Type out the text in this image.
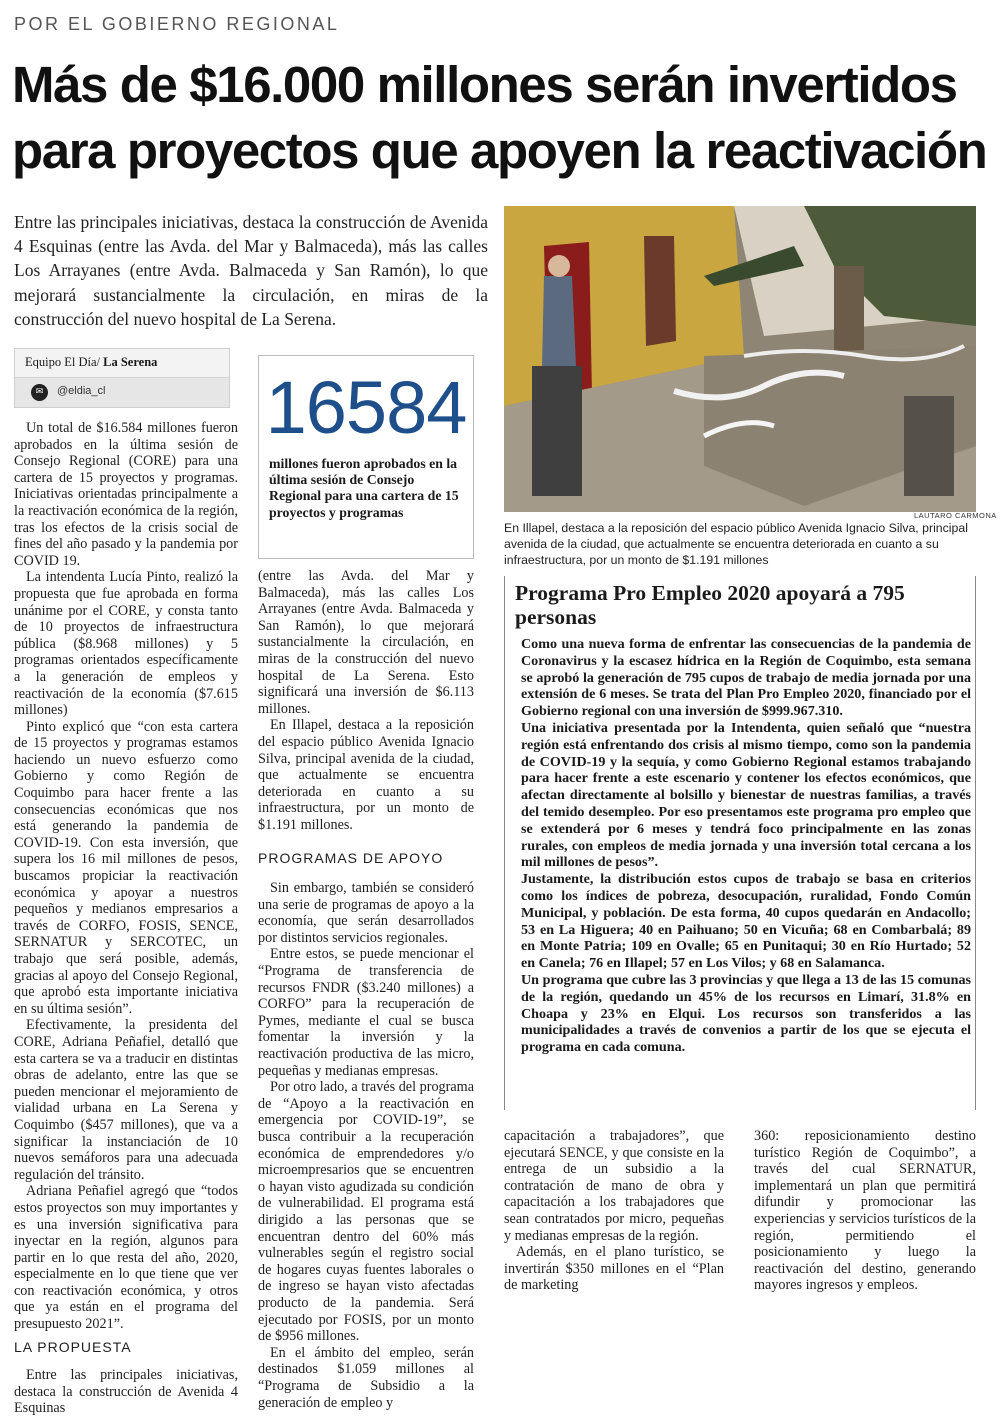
POR EL GOBIERNO REGIONAL
Más de $16.000 millones serán invertidos
para proyectos que apoyen la reactivación
Entre las principales iniciativas, destaca la construcción de Avenida 4 Esquinas (entre las Avda. del Mar y Balmaceda), más las calles Los Arrayanes (entre Avda. Balmaceda y San Ramón), lo que mejorará sustancialmente la circulación, en miras de la construcción del nuevo hospital de La Serena.
Equipo El Día/ La Serena
✉	@eldia_cl 16584
millones fueron aprobados en la última sesión de Consejo Regional para una cartera de 15 proyectos y programas

Un total de $16.584 millones fueron aprobados en la última sesión de Consejo Regional (CORE) para una cartera de 15 proyectos y programas. Iniciativas orientadas principalmente a la reactivación económica de la región, tras los efectos de la crisis social de fines del año pasado y la pandemia por COVID 19.

La intendenta Lucía Pinto, realizó la propuesta que fue aprobada en forma unánime por el CORE, y consta tanto de 10 proyectos de infraestructura pública ($8.968 millones) y 5 programas orientados específicamente a la generación de empleos y reactivación de la economía ($7.615 millones)

Pinto explicó que “con esta cartera de 15 proyectos y programas estamos haciendo un nuevo esfuerzo como Gobierno y como Región de Coquimbo para hacer frente a las consecuencias económicas que nos está generando la pandemia de COVID-19. Con esta inversión, que supera los 16 mil millones de pesos, buscamos propiciar la reactivación económica y apoyar a nuestros pequeños y medianos empresarios a través de CORFO, FOSIS, SENCE, SERNATUR y SERCOTEC, un trabajo que será posible, además, gracias al apoyo del Consejo Regional, que aprobó esta importante iniciativa en su última sesión”.

Efectivamente, la presidenta del CORE, Adriana Peñafiel, detalló que esta cartera se va a traducir en distintas obras de adelanto, entre las que se pueden mencionar el mejoramiento de vialidad urbana en La Serena y Coquimbo ($457 millones), que va a significar la instanciación de 10 nuevos semáforos para una adecuada regulación del tránsito.

Adriana Peñafiel agregó que “todos estos proyectos son muy importantes y es una inversión significativa para inyectar en la región, algunos para partir en lo que resta del año, 2020, especialmente en lo que tiene que ver con reactivación económica, y otros que ya están en el programa del presupuesto 2021”.

LA PROPUESTA

Entre las principales iniciativas, destaca la construcción de Avenida 4 Esquinas

(entre las Avda. del Mar y Balmaceda), más las calles Los Arrayanes (entre Avda. Balmaceda y San Ramón), lo que mejorará sustancialmente la circulación, en miras de la construcción del nuevo hospital de La Serena. Esto significará una inversión de $6.113 millones.

En Illapel, destaca a la reposición del espacio público Avenida Ignacio Silva, principal avenida de la ciudad, que actualmente se encuentra deteriorada en cuanto a su infraestructura, por un monto de $1.191 millones.

PROGRAMAS DE APOYO

Sin embargo, también se consideró una serie de programas de apoyo a la economía, que serán desarrollados por distintos servicios regionales.

Entre estos, se puede mencionar el “Programa de transferencia de recursos FNDR ($3.240 millones) a CORFO” para la recuperación de Pymes, mediante el cual se busca fomentar la inversión y la reactivación productiva de las micro, pequeñas y medianas empresas.

Por otro lado, a través del programa de “Apoyo a la reactivación en emergencia por COVID-19”, se busca contribuir a la recuperación económica de emprendedores y/o microempresarios que se encuentren o hayan visto agudizada su condición de vulnerabilidad. El programa está dirigido a las personas que se encuentran dentro del 60% más vulnerables según el registro social de hogares cuyas fuentes laborales o de ingreso se hayan visto afectadas producto de la pandemia. Será ejecutado por FOSIS, por un monto de $956 millones.

En el ámbito del empleo, serán destinados $1.059 millones al “Programa de Subsidio a la generación de empleo y

LAUTARO CARMONA
En Illapel, destaca a la reposición del espacio público Avenida Ignacio Silva, principal avenida de la ciudad, que actualmente se encuentra deteriorada en cuanto a su infraestructura, por un monto de $1.191 millones
Programa Pro Empleo 2020 apoyará a 795 personas

Como una nueva forma de enfrentar las consecuencias de la pandemia de Coronavirus y la escasez hídrica en la Región de Coquimbo, esta semana se aprobó la generación de 795 cupos de trabajo de media jornada por una extensión de 6 meses. Se trata del Plan Pro Empleo 2020, financiado por el Gobierno regional con una inversión de $999.967.310.

Una iniciativa presentada por la Intendenta, quien señaló que “nuestra región está enfrentando dos crisis al mismo tiempo, como son la pandemia de COVID-19 y la sequía, y como Gobierno Regional estamos trabajando para hacer frente a este escenario y contener los efectos económicos, que afectan directamente al bolsillo y bienestar de nuestras familias, a través del temido desempleo. Por eso presentamos este programa pro empleo que se extenderá por 6 meses y tendrá foco principalmente en las zonas rurales, con empleos de media jornada y una inversión total cercana a los mil millones de pesos”.

Justamente, la distribución estos cupos de trabajo se basa en criterios como los índices de pobreza, desocupación, ruralidad, Fondo Común Municipal, y población. De esta forma, 40 cupos quedarán en Andacollo; 53 en La Higuera; 40 en Paihuano; 50 en Vicuña; 68 en Combarbalá; 89 en Monte Patria; 109 en Ovalle; 65 en Punitaqui; 30 en Río Hurtado; 52 en Canela; 76 en Illapel; 57 en Los Vilos; y 68 en Salamanca.

Un programa que cubre las 3 provincias y que llega a 13 de las 15 comunas de la región, quedando un 45% de los recursos en Limarí, 31.8% en Choapa y 23% en Elqui. Los recursos son transferidos a las municipalidades a través de convenios a partir de los que se ejecuta el programa en cada comuna.

capacitación a trabajadores”, que ejecutará SENCE, y que consiste en la entrega de un subsidio a la contratación de mano de obra y capacitación a los trabajadores que sean contratados por micro, pequeñas y medianas empresas de la región.

Además, en el plano turístico, se invertirán $350 millones en el “Plan de marketing

360: reposicionamiento destino turístico Región de Coquimbo”, a través del cual SERNATUR, implementará un plan que permitirá difundir y promocionar las experiencias y servicios turísticos de la región, permitiendo el posicionamiento y luego la reactivación del destino, generando mayores ingresos y empleos.
